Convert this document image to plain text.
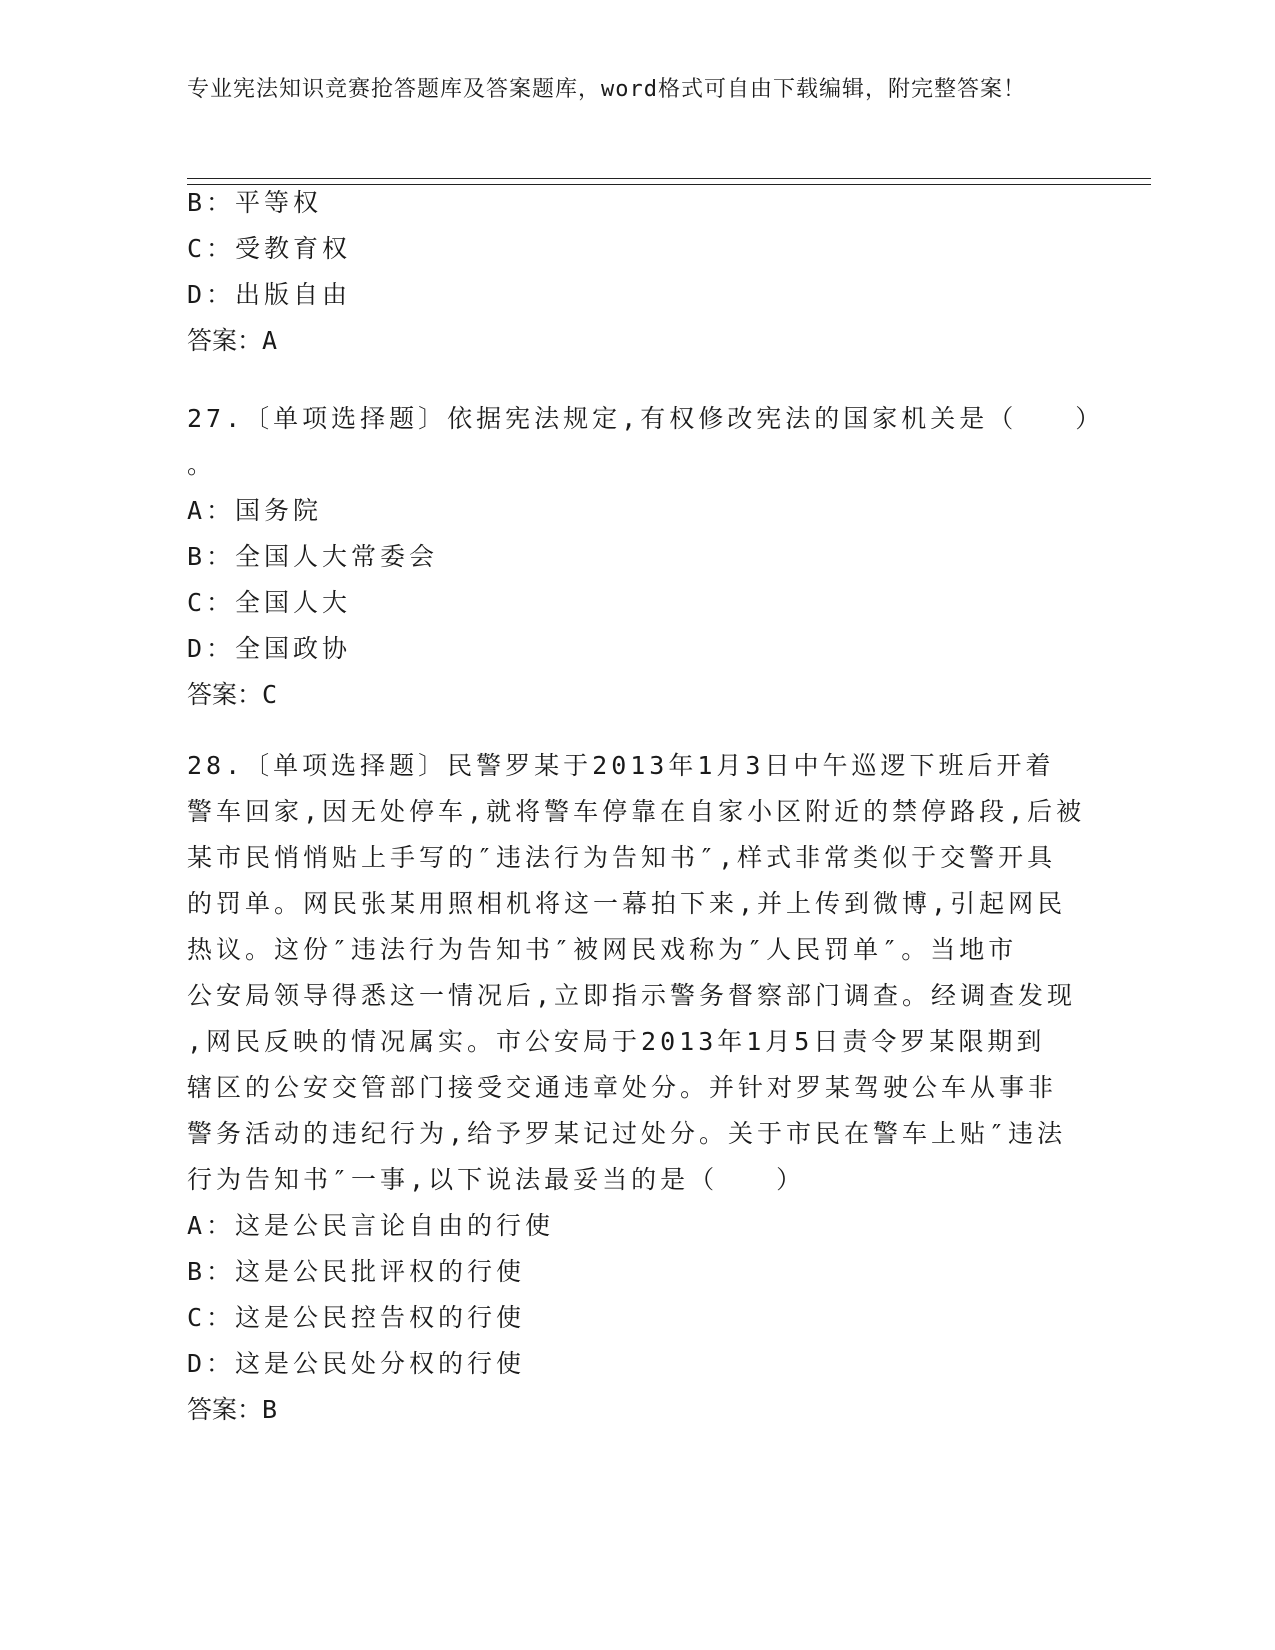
专业宪法知识竞赛抢答题库及答案题库，word格式可自由下载编辑，附完整答案！
B：平等权
C：受教育权
D：出版自由
答案：A
27.〔单项选择题〕依据宪法规定,有权修改宪法的国家机关是（　　）
。
A：国务院
B：全国人大常委会
C：全国人大
D：全国政协
答案：C
28.〔单项选择题〕民警罗某于2013年1月3日中午巡逻下班后开着
警车回家,因无处停车,就将警车停靠在自家小区附近的禁停路段,后被
某市民悄悄贴上手写的″违法行为告知书″,样式非常类似于交警开具
的罚单。网民张某用照相机将这一幕拍下来,并上传到微博,引起网民
热议。这份″违法行为告知书″被网民戏称为″人民罚单″。当地市
公安局领导得悉这一情况后,立即指示警务督察部门调查。经调查发现
,网民反映的情况属实。市公安局于2013年1月5日责令罗某限期到
辖区的公安交管部门接受交通违章处分。并针对罗某驾驶公车从事非
警务活动的违纪行为,给予罗某记过处分。关于市民在警车上贴″违法
行为告知书″一事,以下说法最妥当的是（　　）
A：这是公民言论自由的行使
B：这是公民批评权的行使
C：这是公民控告权的行使
D：这是公民处分权的行使
答案：B
